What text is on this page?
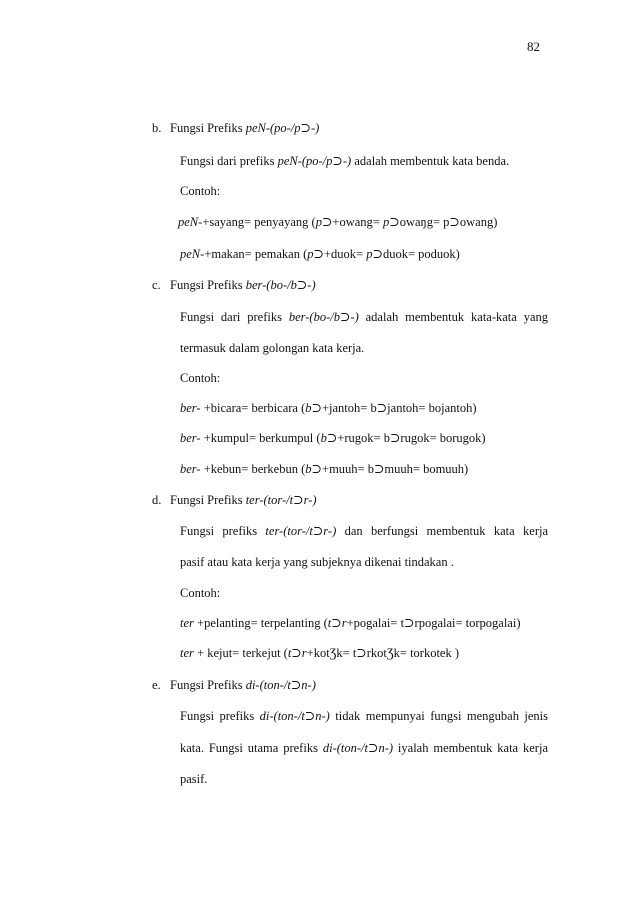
82
b. Fungsi Prefiks peN-(po-/p⊃-)
Fungsi dari prefiks peN-(po-/p⊃-) adalah membentuk kata benda.
Contoh:
peN-+sayang= penyayang (p⊃+owang= p⊃owaŋg= p⊃owang)
peN-+makan= pemakan (p⊃+duok= p⊃duok= poduok)
c. Fungsi Prefiks ber-(bo-/b⊃-)
Fungsi dari prefiks ber-(bo-/b⊃-) adalah membentuk kata-kata yang
termasuk dalam golongan kata kerja.
Contoh:
ber- +bicara= berbicara (b⊃+jantoh= b⊃jantoh= bojantoh)
ber- +kumpul= berkumpul (b⊃+rugok= b⊃rugok= borugok)
ber- +kebun= berkebun (b⊃+muuh= b⊃muuh= bomuuh)
d. Fungsi Prefiks ter-(tor-/t⊃r-)
Fungsi prefiks ter-(tor-/t⊃r-) dan berfungsi membentuk kata kerja
pasif atau kata kerja yang subjeknya dikenai tindakan .
Contoh:
ter +pelanting= terpelanting (t⊃r+pogalai= t⊃rpogalai= torpogalai)
ter + kejut= terkejut (t⊃r+kotƷk= t⊃rkotƷk= torkotek )
e. Fungsi Prefiks di-(ton-/t⊃n-)
Fungsi prefiks di-(ton-/t⊃n-) tidak mempunyai fungsi mengubah jenis
kata. Fungsi utama prefiks di-(ton-/t⊃n-) iyalah membentuk kata kerja
pasif.
